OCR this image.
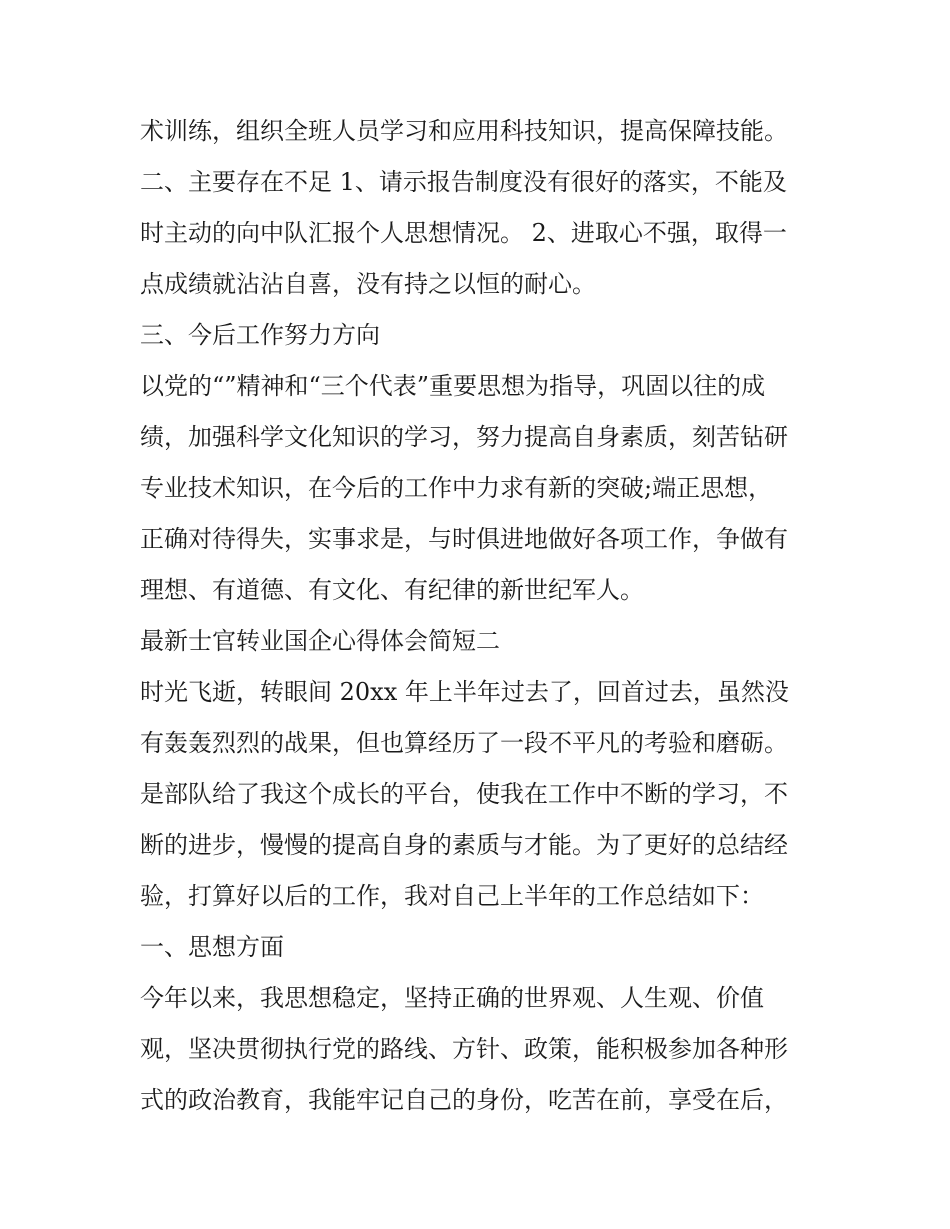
术训练，组织全班人员学习和应用科技知识，提高保障技能。
二、主要存在不足 1、请示报告制度没有很好的落实，不能及
时主动的向中队汇报个人思想情况。 2、进取心不强，取得一
点成绩就沾沾自喜，没有持之以恒的耐心。
三、今后工作努力方向
以党的“”精神和“三个代表”重要思想为指导，巩固以往的成
绩，加强科学文化知识的学习，努力提高自身素质，刻苦钻研
专业技术知识，在今后的工作中力求有新的突破;端正思想，
正确对待得失，实事求是，与时俱进地做好各项工作，争做有
理想、有道德、有文化、有纪律的新世纪军人。
最新士官转业国企心得体会简短二
时光飞逝，转眼间 20xx 年上半年过去了，回首过去，虽然没
有轰轰烈烈的战果，但也算经历了一段不平凡的考验和磨砺。
是部队给了我这个成长的平台，使我在工作中不断的学习，不
断的进步，慢慢的提高自身的素质与才能。为了更好的总结经
验，打算好以后的工作，我对自己上半年的工作总结如下：
一、思想方面
今年以来，我思想稳定，坚持正确的世界观、人生观、价值
观，坚决贯彻执行党的路线、方针、政策，能积极参加各种形
式的政治教育，我能牢记自己的身份，吃苦在前，享受在后，
